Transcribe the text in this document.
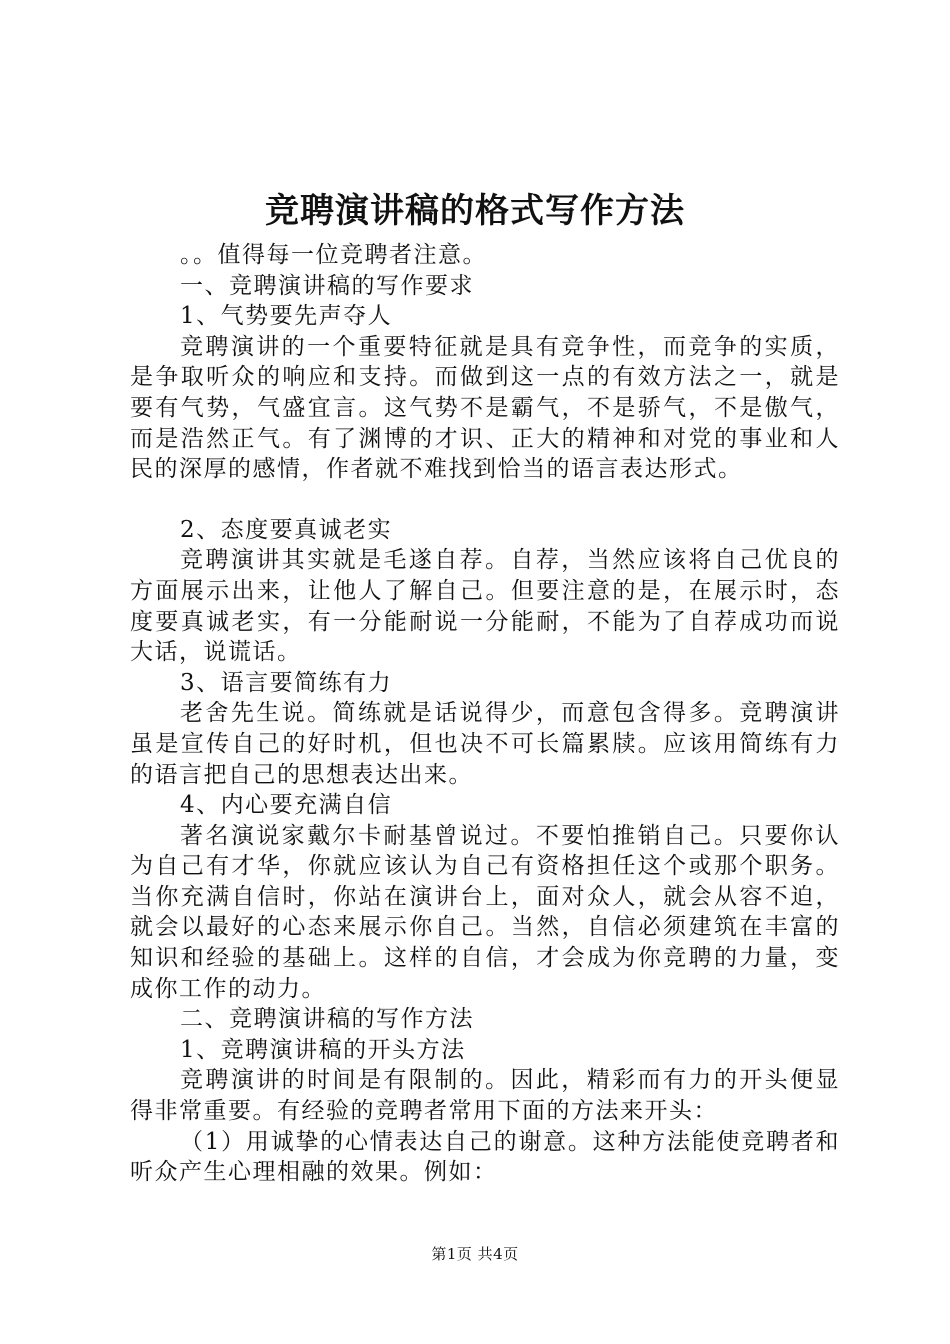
竞聘演讲稿的格式写作方法

。。值得每一位竞聘者注意。

一、竞聘演讲稿的写作要求

1、气势要先声夺人

竞聘演讲的一个重要特征就是具有竞争性，而竞争的实质，是争取听众的响应和支持。而做到这一点的有效方法之一，就是要有气势，气盛宜言。这气势不是霸气，不是骄气，不是傲气，而是浩然正气。有了渊博的才识、正大的精神和对党的事业和人民的深厚的感情，作者就不难找到恰当的语言表达形式。

2、态度要真诚老实

竞聘演讲其实就是毛遂自荐。自荐，当然应该将自己优良的方面展示出来，让他人了解自己。但要注意的是，在展示时，态度要真诚老实，有一分能耐说一分能耐，不能为了自荐成功而说大话，说谎话。

3、语言要简练有力

老舍先生说。简练就是话说得少，而意包含得多。竞聘演讲虽是宣传自己的好时机，但也决不可长篇累牍。应该用简练有力的语言把自己的思想表达出来。

4、内心要充满自信

著名演说家戴尔卡耐基曾说过。不要怕推销自己。只要你认为自己有才华，你就应该认为自己有资格担任这个或那个职务。当你充满自信时，你站在演讲台上，面对众人，就会从容不迫，就会以最好的心态来展示你自己。当然，自信必须建筑在丰富的知识和经验的基础上。这样的自信，才会成为你竞聘的力量，变成你工作的动力。

二、竞聘演讲稿的写作方法

1、竞聘演讲稿的开头方法

竞聘演讲的时间是有限制的。因此，精彩而有力的开头便显得非常重要。有经验的竞聘者常用下面的方法来开头：

（1）用诚挚的心情表达自己的谢意。这种方法能使竞聘者和听众产生心理相融的效果。例如：

第1页 共4页
